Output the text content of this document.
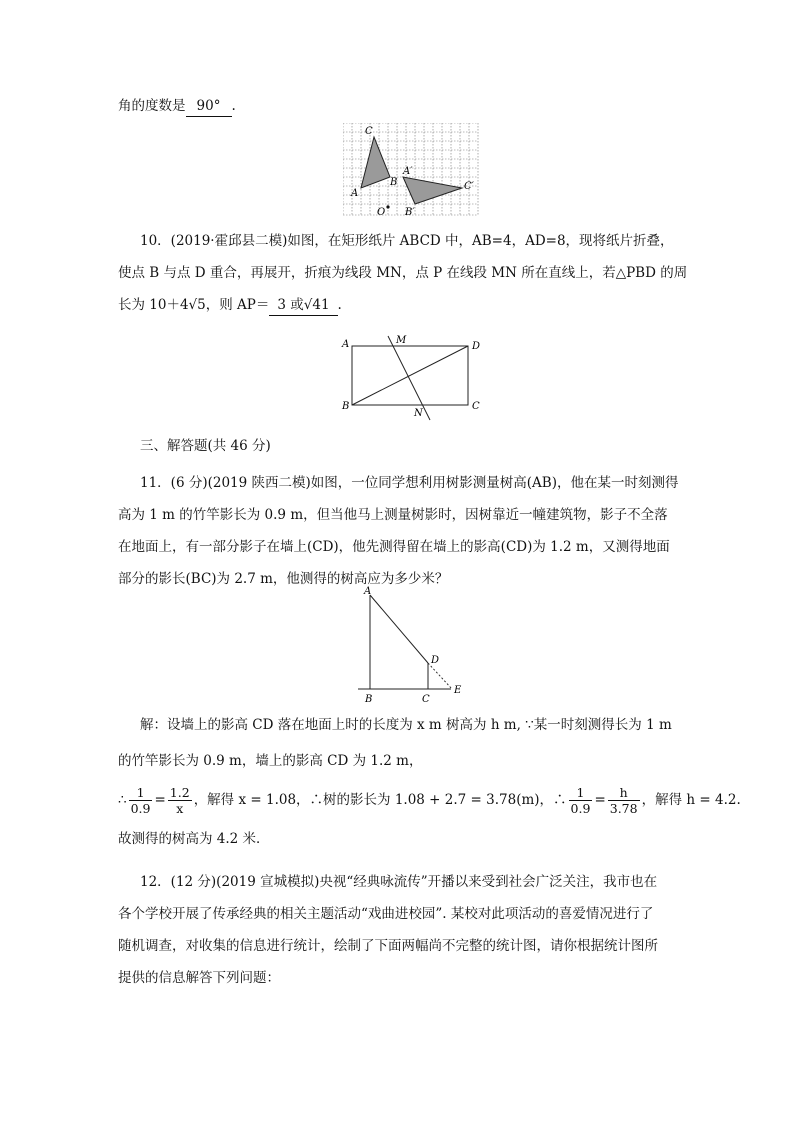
角的度数是 90° .
C
A
B
A′
C′
O B′
10．(2019·霍邱县二模)如图，在矩形纸片 ABCD 中，AB=4，AD=8，现将纸片折叠，
使点 B 与点 D 重合，再展开，折痕为线段 MN，点 P 在线段 MN 所在直线上，若△PBD 的周
长为 10＋4√5，则 AP＝ 3 或√41 .
A	M
D
B
N
C
三、解答题(共 46 分)
11．(6 分)(2019 陕西二模)如图，一位同学想利用树影测量树高(AB)，他在某一时刻测得
高为 1 m 的竹竿影长为 0.9 m，但当他马上测量树影时，因树靠近一幢建筑物，影子不全落
在地面上，有一部分影子在墙上(CD)，他先测得留在墙上的影高(CD)为 1.2 m，又测得地面
部分的影长(BC)为 2.7 m，他测得的树高应为多少米？
A
D
B	C
E
解：设墙上的影高 CD 落在地面上时的长度为 x m 树高为 h m, ∵某一时刻测得长为 1 m
的竹竿影长为 0.9 m，墙上的影高 CD 为 1.2 m，
∴ $\frac{1}{0.9} = \frac{1.2}{x}$ ，解得 x = 1.08，∴树的影长为 1.08 + 2.7 = 3.78(m)，∴ $\frac{1}{0.9} = \frac{h}{3.78}$ ，解得 h = 4.2.
故测得的树高为 4.2 米．
12．(12 分)(2019 宣城模拟)央视“经典咏流传”开播以来受到社会广泛关注，我市也在
各个学校开展了传承经典的相关主题活动“戏曲进校园”. 某校对此项活动的喜爱情况进行了
随机调查，对收集的信息进行统计，绘制了下面两幅尚不完整的统计图，请你根据统计图所
提供的信息解答下列问题：
